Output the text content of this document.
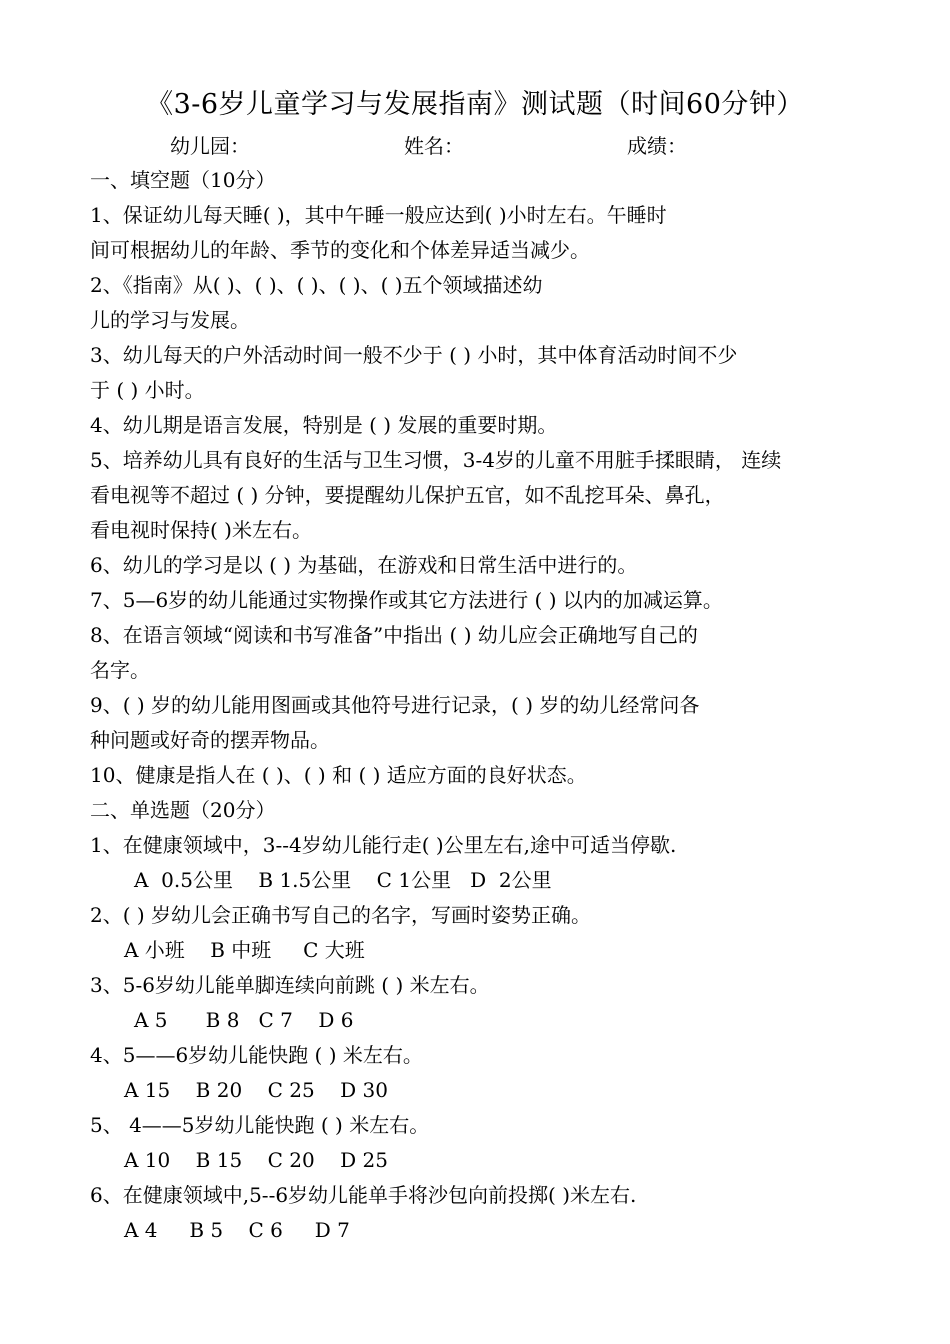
《3-6岁儿童学习与发展指南》测试题（时间60分钟）
幼儿园：	姓名：	成绩：
一、填空题（10分）
1、保证幼儿每天睡( )，其中午睡一般应达到( )小时左右。午睡时
间可根据幼儿的年龄、季节的变化和个体差异适当减少。
2、《指南》从( )、( )、( )、( )、( )五个领域描述幼
儿的学习与发展。
3、幼儿每天的户外活动时间一般不少于 ( ) 小时，其中体育活动时间不少
于 ( ) 小时。
4、幼儿期是语言发展，特别是 ( ) 发展的重要时期。
5、培养幼儿具有良好的生活与卫生习惯，3-4岁的儿童不用脏手揉眼睛， 连续
看电视等不超过 ( ) 分钟，要提醒幼儿保护五官，如不乱挖耳朵、鼻孔，
看电视时保持( )米左右。
6、幼儿的学习是以 ( ) 为基础，在游戏和日常生活中进行的。
7、5—6岁的幼儿能通过实物操作或其它方法进行 ( ) 以内的加减运算。
8、在语言领域“阅读和书写准备”中指出 ( ) 幼儿应会正确地写自己的
名字。
9、( ) 岁的幼儿能用图画或其他符号进行记录，( ) 岁的幼儿经常问各
种问题或好奇的摆弄物品。
10、健康是指人在 ( )、( ) 和 ( ) 适应方面的良好状态。
二、单选题（20分）
1、在健康领域中，3--4岁幼儿能行走( )公里左右,途中可适当停歇.
A  0.5公里    B 1.5公里    C 1公里   D  2公里
2、( ) 岁幼儿会正确书写自己的名字，写画时姿势正确。
A 小班    B 中班     C 大班
3、5-6岁幼儿能单脚连续向前跳 ( ) 米左右。
A 5      B 8   C 7    D 6
4、5——6岁幼儿能快跑 ( ) 米左右。
A 15    B 20    C 25    D 30
5、 4——5岁幼儿能快跑 ( ) 米左右。
A 10    B 15    C 20    D 25
6、在健康领域中,5--6岁幼儿能单手将沙包向前投掷( )米左右.
A 4     B 5    C 6     D 7
